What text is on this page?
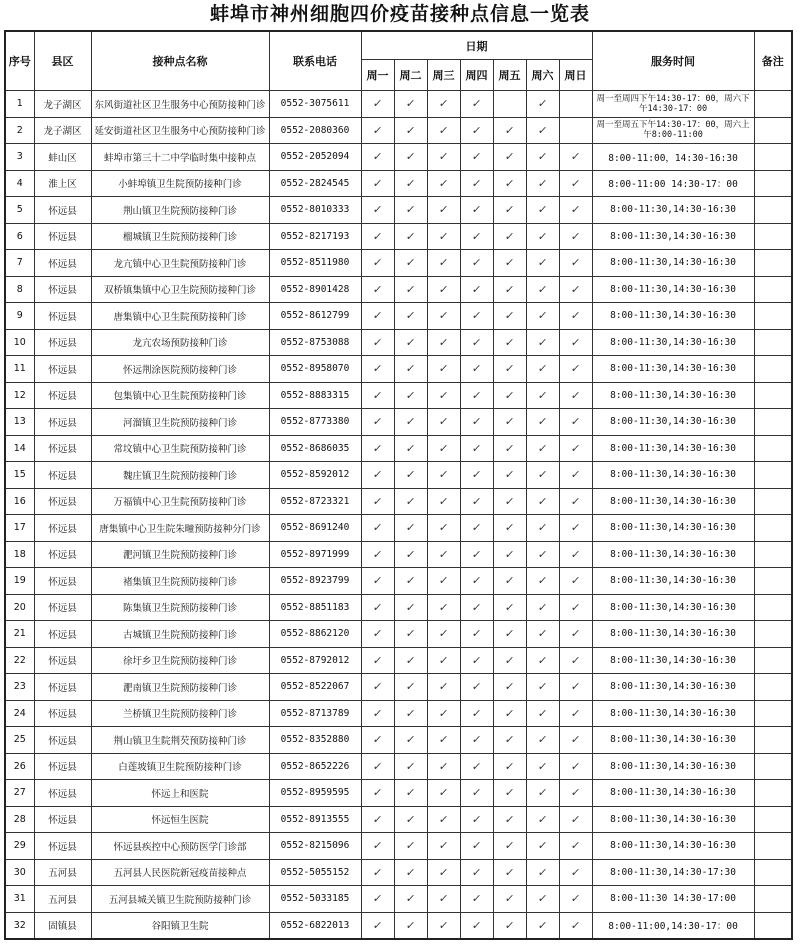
蚌埠市神州细胞四价疫苗接种点信息一览表
序号	县区	接种点名称	联系电话	日期							服务时间	备注
				周一	周二	周三	周四	周五	周六	周日		
1	龙子湖区	东风街道社区卫生服务中心预防接种门诊	0552-3075611	✓	✓	✓	✓		✓		周一至周四下午14:30-17：00，周六下午14:30-17：00	
2	龙子湖区	延安街道社区卫生服务中心预防接种门诊	0552-2080360	✓	✓	✓	✓	✓	✓		周一至周五下午14:30-17：00，周六上午8:00-11:00	
3	蚌山区	蚌埠市第三十二中学临时集中接种点	0552-2052094	✓	✓	✓	✓	✓	✓	✓	8:00-11:00，14:30-16:30	
4	淮上区	小蚌埠镇卫生院预防接种门诊	0552-2824545	✓	✓	✓	✓	✓	✓	✓	8:00-11:00 14:30-17：00	
5	怀远县	荆山镇卫生院预防接种门诊	0552-8010333	✓	✓	✓	✓	✓	✓	✓	8:00-11:30,14:30-16:30	
6	怀远县	榴城镇卫生院预防接种门诊	0552-8217193	✓	✓	✓	✓	✓	✓	✓	8:00-11:30,14:30-16:30	
7	怀远县	龙亢镇中心卫生院预防接种门诊	0552-8511980	✓	✓	✓	✓	✓	✓	✓	8:00-11:30,14:30-16:30	
8	怀远县	双桥镇集镇中心卫生院预防接种门诊	0552-8901428	✓	✓	✓	✓	✓	✓	✓	8:00-11:30,14:30-16:30	
9	怀远县	唐集镇中心卫生院预防接种门诊	0552-8612799	✓	✓	✓	✓	✓	✓	✓	8:00-11:30,14:30-16:30	
10	怀远县	龙亢农场预防接种门诊	0552-8753088	✓	✓	✓	✓	✓	✓	✓	8:00-11:30,14:30-16:30	
11	怀远县	怀远荆涂医院预防接种门诊	0552-8958070	✓	✓	✓	✓	✓	✓	✓	8:00-11:30,14:30-16:30	
12	怀远县	包集镇中心卫生院预防接种门诊	0552-8883315	✓	✓	✓	✓	✓	✓	✓	8:00-11:30,14:30-16:30	
13	怀远县	河溜镇卫生院预防接种门诊	0552-8773380	✓	✓	✓	✓	✓	✓	✓	8:00-11:30,14:30-16:30	
14	怀远县	常坟镇中心卫生院预防接种门诊	0552-8686035	✓	✓	✓	✓	✓	✓	✓	8:00-11:30,14:30-16:30	
15	怀远县	魏庄镇卫生院预防接种门诊	0552-8592012	✓	✓	✓	✓	✓	✓	✓	8:00-11:30,14:30-16:30	
16	怀远县	万福镇中心卫生院预防接种门诊	0552-8723321	✓	✓	✓	✓	✓	✓	✓	8:00-11:30,14:30-16:30	
17	怀远县	唐集镇中心卫生院朱疃预防接种分门诊	0552-8691240	✓	✓	✓	✓	✓	✓	✓	8:00-11:30,14:30-16:30	
18	怀远县	淝河镇卫生院预防接种门诊	0552-8971999	✓	✓	✓	✓	✓	✓	✓	8:00-11:30,14:30-16:30	
19	怀远县	褚集镇卫生院预防接种门诊	0552-8923799	✓	✓	✓	✓	✓	✓	✓	8:00-11:30,14:30-16:30	
20	怀远县	陈集镇卫生院预防接种门诊	0552-8851183	✓	✓	✓	✓	✓	✓	✓	8:00-11:30,14:30-16:30	
21	怀远县	古城镇卫生院预防接种门诊	0552-8862120	✓	✓	✓	✓	✓	✓	✓	8:00-11:30,14:30-16:30	
22	怀远县	徐圩乡卫生院预防接种门诊	0552-8792012	✓	✓	✓	✓	✓	✓	✓	8:00-11:30,14:30-16:30	
23	怀远县	淝南镇卫生院预防接种门诊	0552-8522067	✓	✓	✓	✓	✓	✓	✓	8:00-11:30,14:30-16:30	
24	怀远县	兰桥镇卫生院预防接种门诊	0552-8713789	✓	✓	✓	✓	✓	✓	✓	8:00-11:30,14:30-16:30	
25	怀远县	荆山镇卫生院荆芡预防接种门诊	0552-8352880	✓	✓	✓	✓	✓	✓	✓	8:00-11:30,14:30-16:30	
26	怀远县	白莲坡镇卫生院预防接种门诊	0552-8652226	✓	✓	✓	✓	✓	✓	✓	8:00-11:30,14:30-16:30	
27	怀远县	怀远上和医院	0552-8959595	✓	✓	✓	✓	✓	✓	✓	8:00-11:30,14:30-16:30	
28	怀远县	怀远恒生医院	0552-8913555	✓	✓	✓	✓	✓	✓	✓	8:00-11:30,14:30-16:30	
29	怀远县	怀远县疾控中心预防医学门诊部	0552-8215096	✓	✓	✓	✓	✓	✓	✓	8:00-11:30,14:30-16:30	
30	五河县	五河县人民医院新冠疫苗接种点	0552-5055152	✓	✓	✓	✓	✓	✓	✓	8:00-11:30,14:30-17:30	
31	五河县	五河县城关镇卫生院预防接种门诊	0552-5033185	✓	✓	✓	✓	✓	✓	✓	8:00-11:30 14:30-17:00	
32	固镇县	谷阳镇卫生院	0552-6822013	✓	✓	✓	✓	✓	✓	✓	8:00-11:00,14:30-17：00	
